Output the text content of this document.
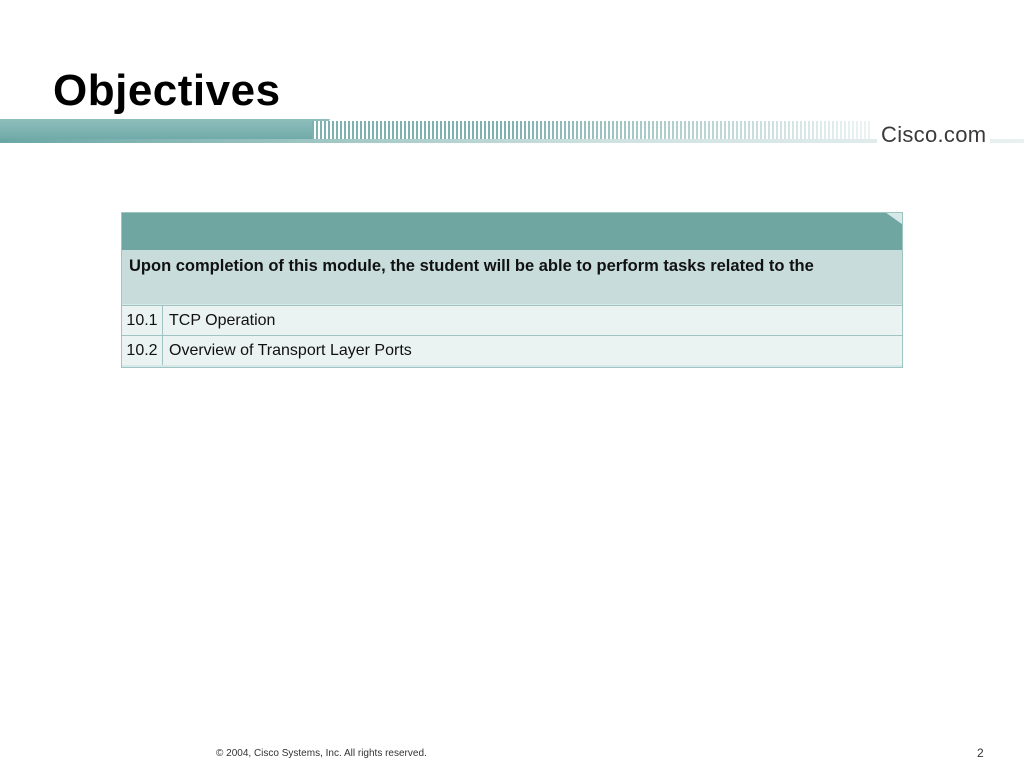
Objectives
Cisco.com
Upon completion of this module, the student will be able to perform tasks related to the
10.1 TCP Operation
10.2 Overview of Transport Layer Ports
© 2004, Cisco Systems, Inc. All rights reserved.	2
